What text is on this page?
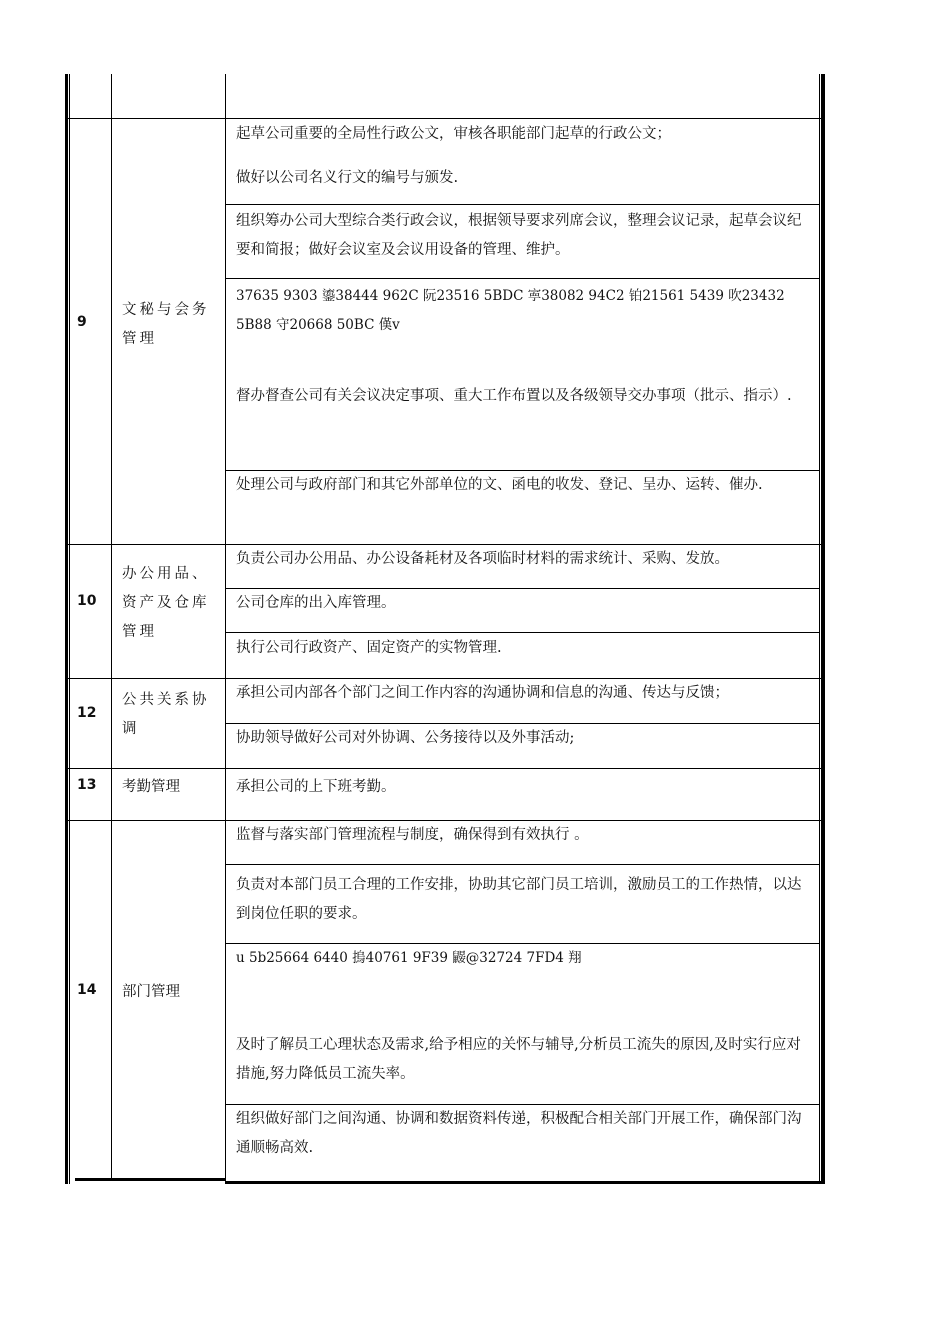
9
文秘与会务管理

起草公司重要的全局性行政公文，审核各职能部门起草的行政公文；

做好以公司名义行文的编号与颁发.

组织筹办公司大型综合类行政会议，根据领导要求列席会议，整理会议记录，起草会议纪要和简报；做好会议室及会议用设备的管理、维护。

37635 9303 鎏38444 962C 阮23516 5BDC 寕38082 94C2 铂21561 5439 吹23432 5B88 守20668 50BC 傼v

督办督查公司有关会议决定事项、重大工作布置以及各级领导交办事项（批示、指示）.

处理公司与政府部门和其它外部单位的文、函电的收发、登记、呈办、运转、催办.

10
办公用品、资产及仓库管理

负责公司办公用品、办公设备耗材及各项临时材料的需求统计、采购、发放。

公司仓库的出入库管理。

执行公司行政资产、固定资产的实物管理.

12
公共关系协调

承担公司内部各个部门之间工作内容的沟通协调和信息的沟通、传达与反馈；

协助领导做好公司对外协调、公务接待以及外事活动;

13 考勤管理	承担公司的上下班考勤。

14 部门管理

监督与落实部门管理流程与制度，确保得到有效执行 。

负责对本部门员工合理的工作安排，协助其它部门员工培训，激励员工的工作热情，以达到岗位任职的要求。

u 5b25664 6440 摀40761 9F39 鼹@32724 7FD4 翔

及时了解员工心理状态及需求,给予相应的关怀与辅导,分析员工流失的原因,及时实行应对措施,努力降低员工流失率。

组织做好部门之间沟通、协调和数据资料传递，积极配合相关部门开展工作，确保部门沟通顺畅高效.
